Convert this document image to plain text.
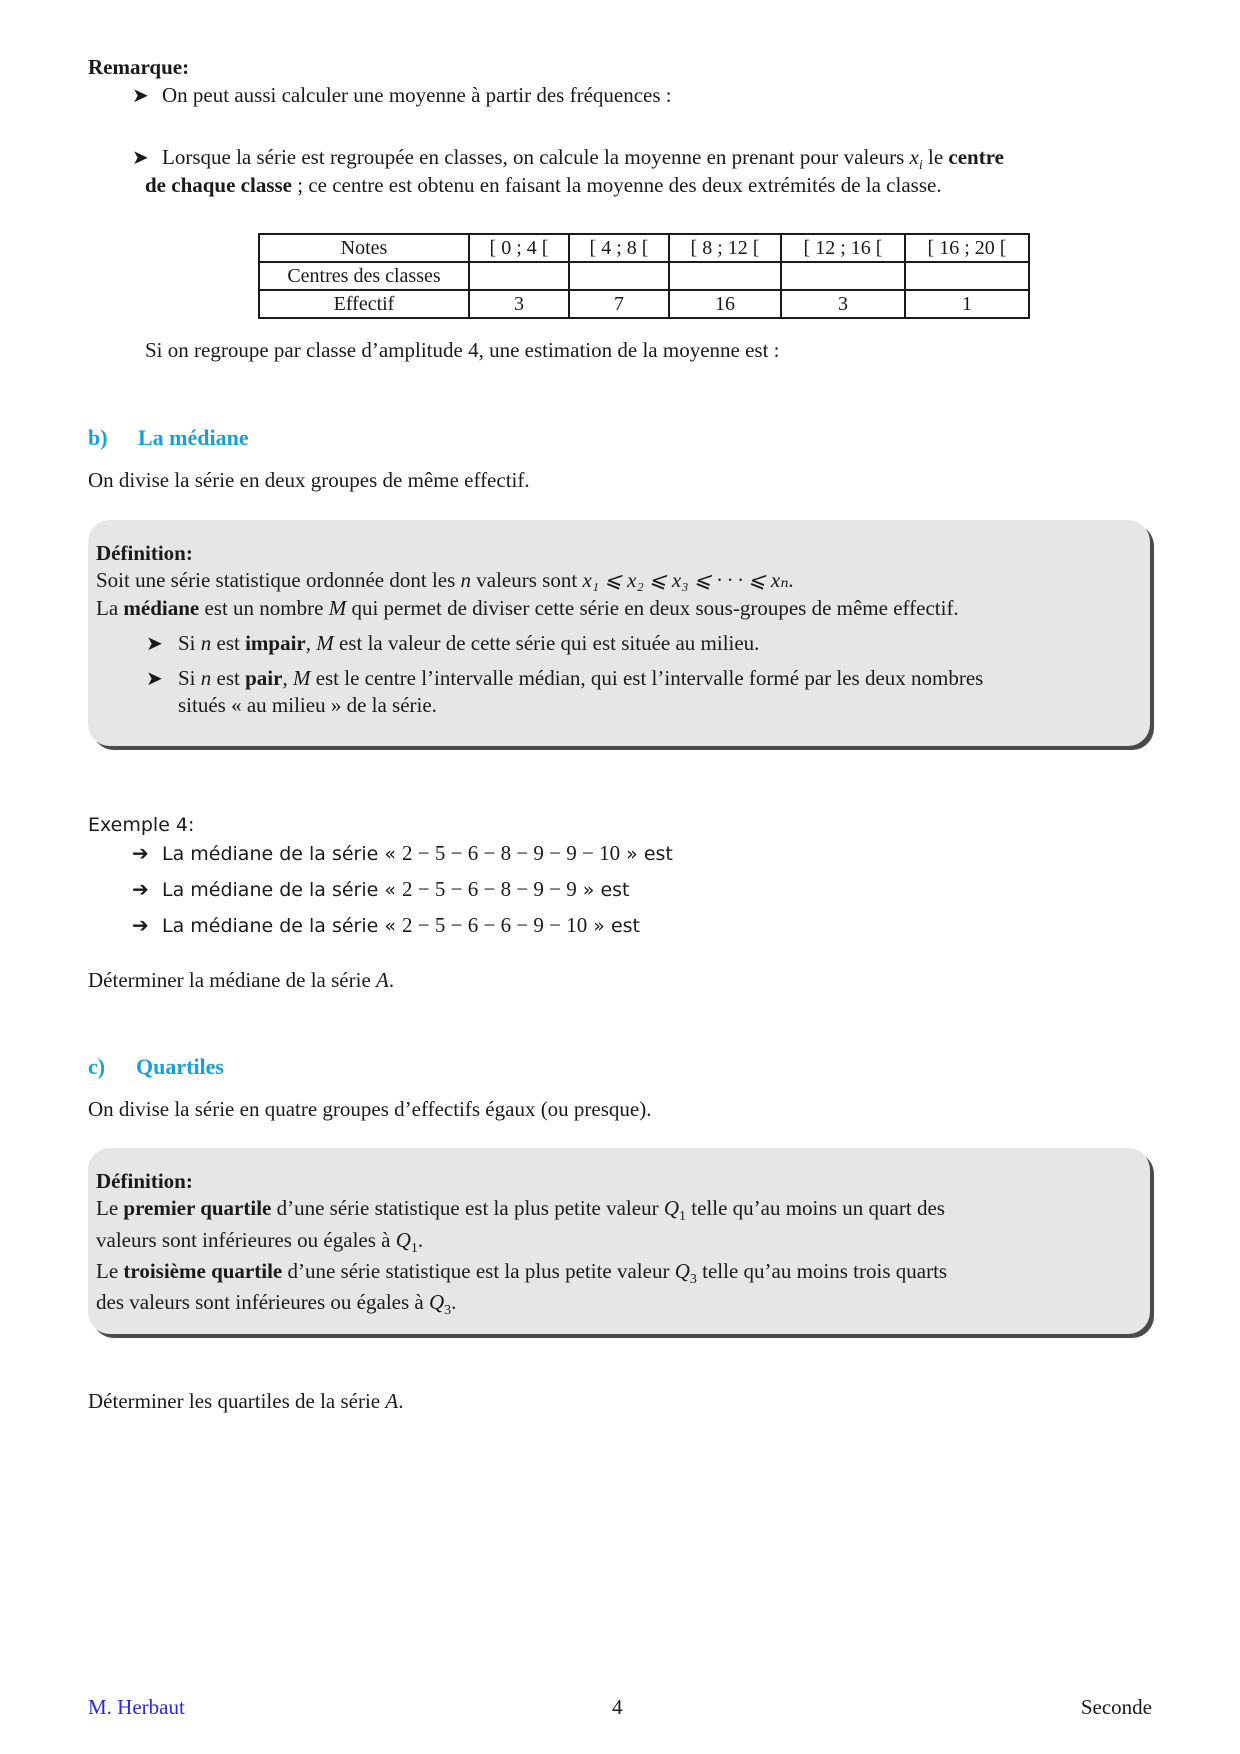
Remarque:
➤ On peut aussi calculer une moyenne à partir des fréquences :
➤ Lorsque la série est regroupée en classes, on calcule la moyenne en prenant pour valeurs $x_i$ le centre
de chaque classe ; ce centre est obtenu en faisant la moyenne des deux extrémités de la classe.
Notes	[ 0 ; 4 [	[ 4 ; 8 [	[ 8 ; 12 [	[ 12 ; 16 [	[ 16 ; 20 [
Centres des classes					
Effectif	3	7	16	3	1
Si on regroupe par classe d’amplitude 4, une estimation de la moyenne est :
b) La médiane
On divise la série en deux groupes de même effectif.
Définition:
Soit une série statistique ordonnée dont les n valeurs sont x₁ ⩽ x₂ ⩽ x₃ ⩽ · · · ⩽ xₙ.
La médiane est un nombre M qui permet de diviser cette série en deux sous-groupes de même effectif.
➤ Si n est impair, M est la valeur de cette série qui est située au milieu.
➤ Si n est pair, M est le centre l’intervalle médian, qui est l’intervalle formé par les deux nombres
situés « au milieu » de la série.
Exemple 4:
➔ La médiane de la série « 2 − 5 − 6 − 8 − 9 − 9 − 10 » est
➔ La médiane de la série « 2 − 5 − 6 − 8 − 9 − 9 » est
➔ La médiane de la série « 2 − 5 − 6 − 6 − 9 − 10 » est
Déterminer la médiane de la série A.
c) Quartiles
On divise la série en quatre groupes d’effectifs égaux (ou presque).
Définition:
Le premier quartile d’une série statistique est la plus petite valeur $Q_1$ telle qu’au moins un quart des
valeurs sont inférieures ou égales à $Q_1$.
Le troisième quartile d’une série statistique est la plus petite valeur $Q_3$ telle qu’au moins trois quarts
des valeurs sont inférieures ou égales à $Q_3$.
Déterminer les quartiles de la série A.
M. Herbaut	4	Seconde
